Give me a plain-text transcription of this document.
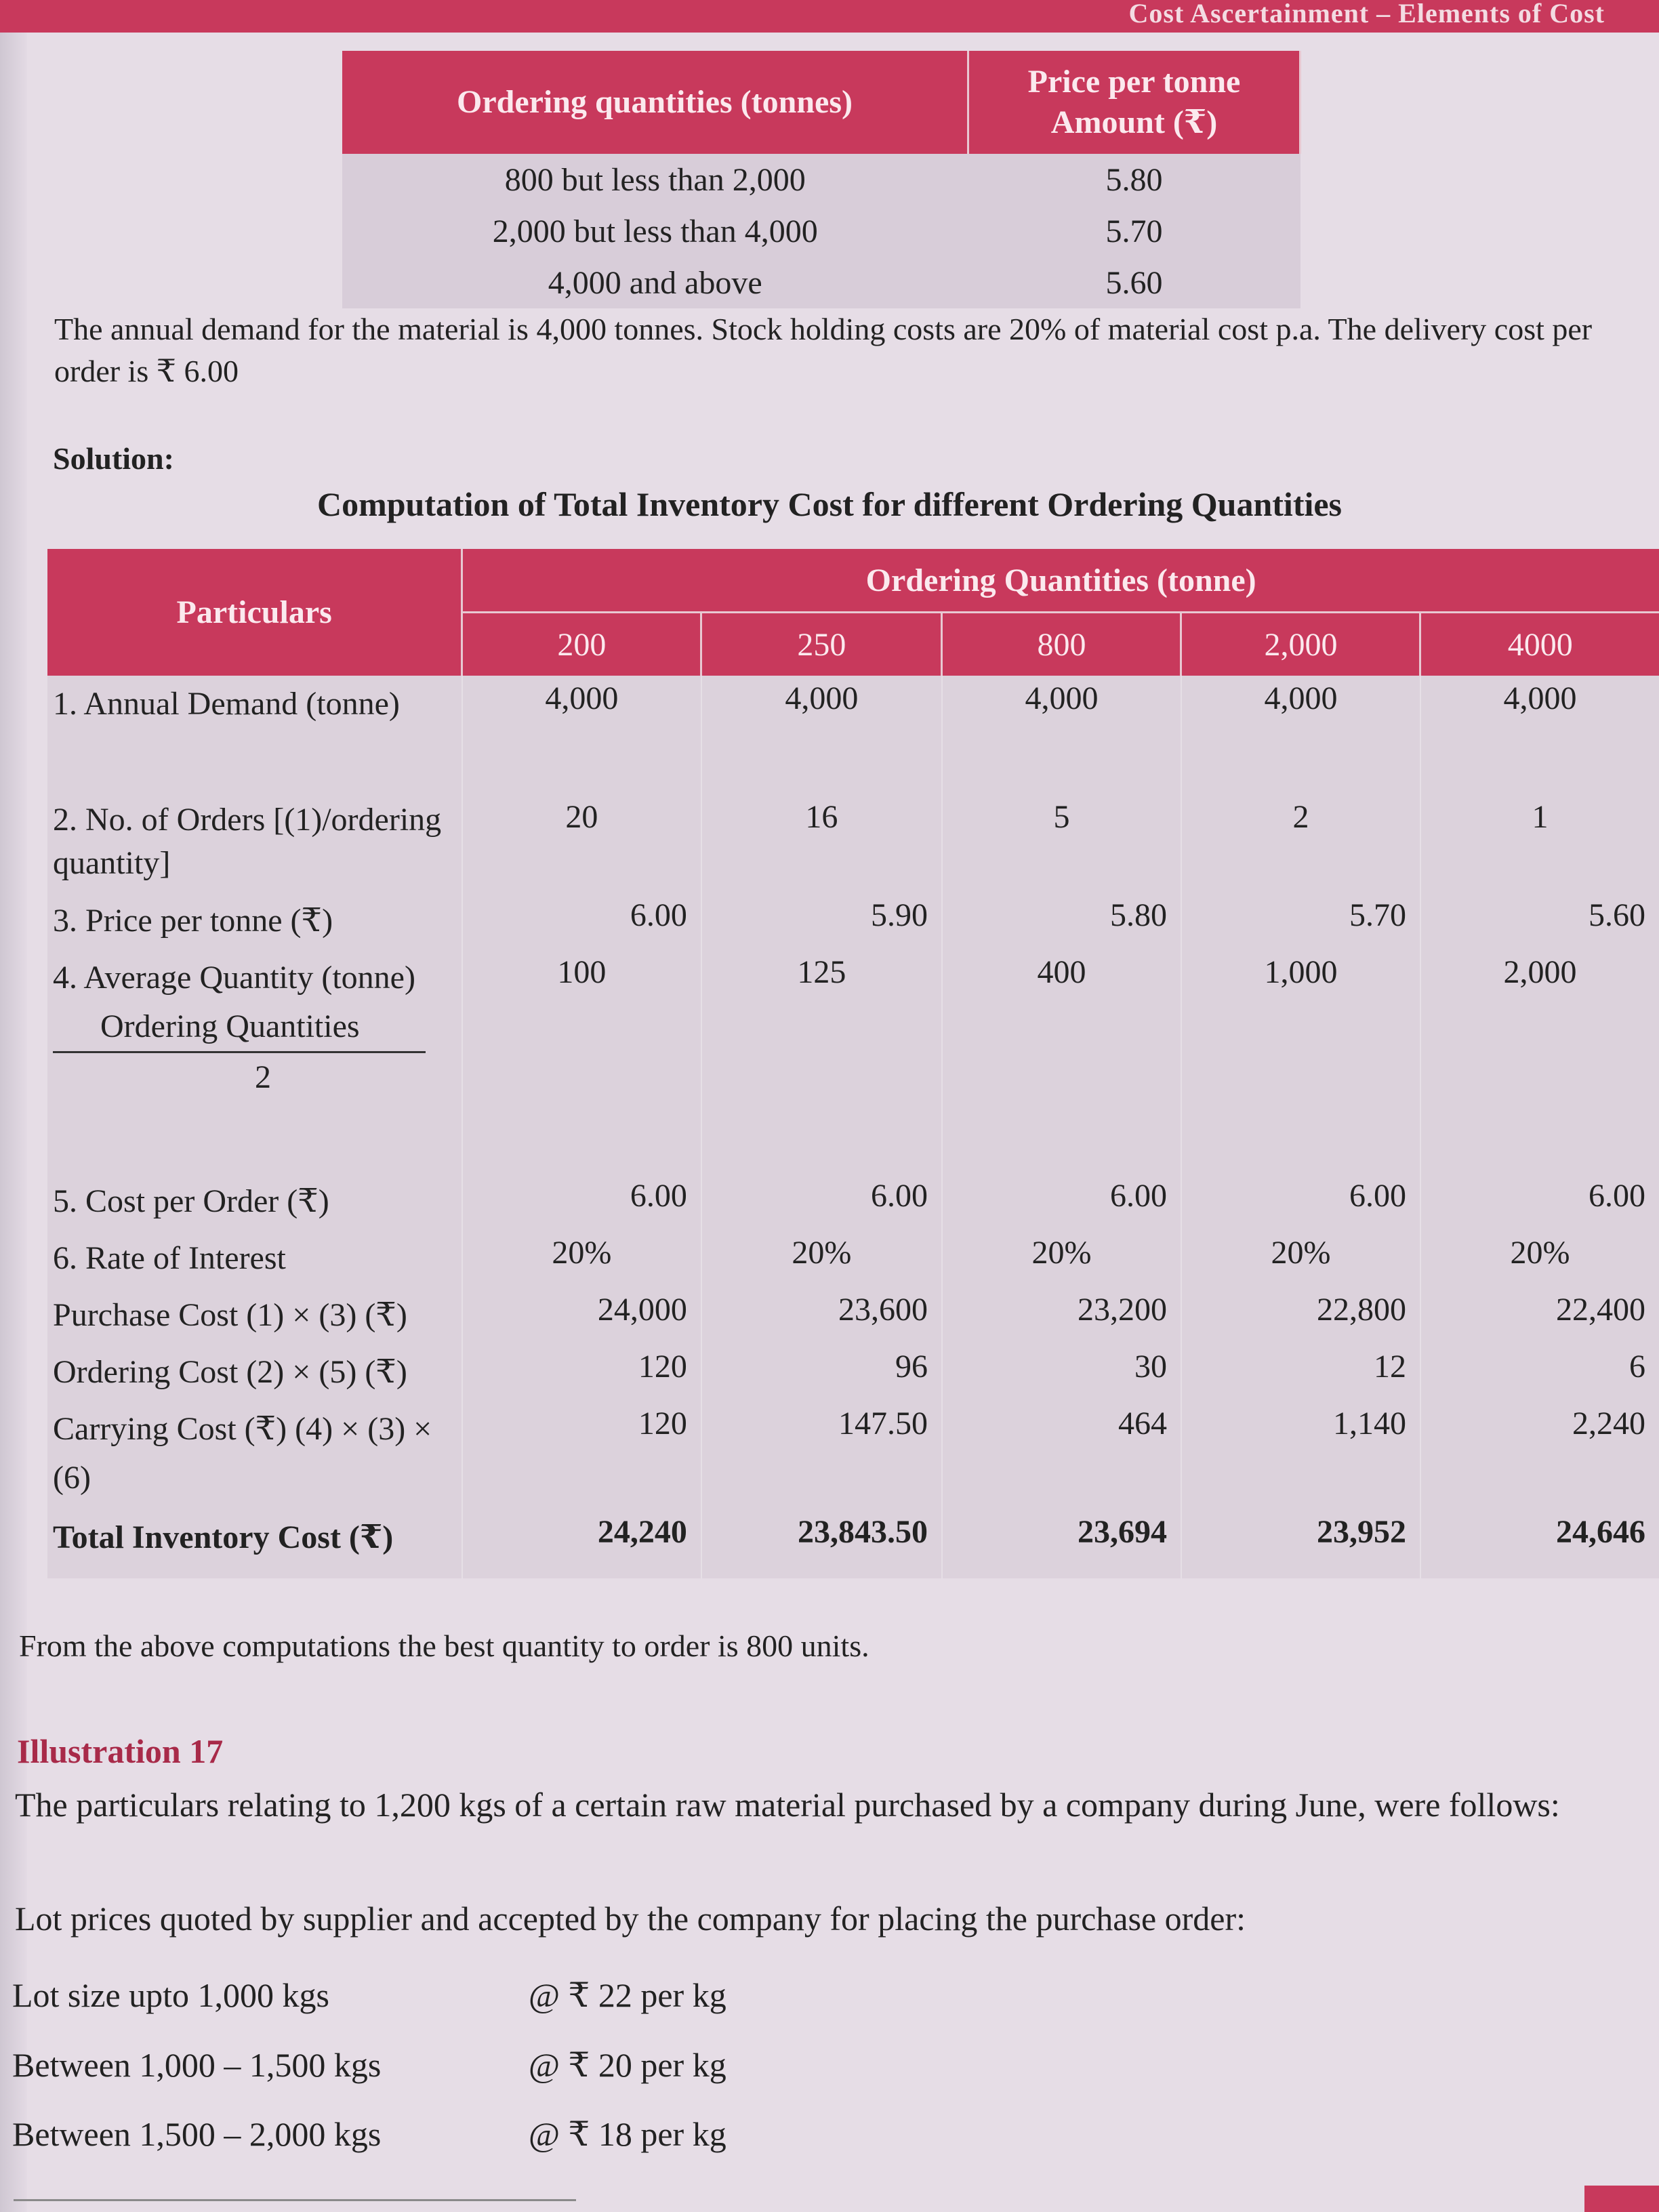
Cost Ascertainment – Elements of Cost
Ordering quantities (tonnes)	Price per tonne Amount (₹)
800 but less than 2,000	5.80
2,000 but less than 4,000	5.70
4,000 and above	5.60

The annual demand for the material is 4,000 tonnes. Stock holding costs are 20% of material cost p.a. The delivery cost per order is ₹ 6.00

Solution:
Computation of Total Inventory Cost for different Ordering Quantities
Particulars	Ordering Quantities (tonne)				
	200	250	800	2,000	4000
1. Annual Demand (tonne)	4,000	4,000	4,000	4,000	4,000
2. No. of Orders [(1)/ordering quantity]	20	16	5	2	1
3. Price per tonne (₹)	6.00	5.90	5.80	5.70	5.60
4. Average Quantity (tonne)
Ordering Quantities
2	100	125	400	1,000	2,000
5. Cost per Order (₹)	6.00	6.00	6.00	6.00	6.00
6. Rate of Interest	20%	20%	20%	20%	20%
Purchase Cost (1) × (3) (₹)	24,000	23,600	23,200	22,800	22,400
Ordering Cost (2) × (5) (₹)	120	96	30	12	6
Carrying Cost (₹) (4) × (3) × (6)	120	147.50	464	1,140	2,240
Total Inventory Cost (₹)	24,240	23,843.50	23,694	23,952	24,646

From the above computations the best quantity to order is 800 units.

Illustration 17

The particulars relating to 1,200 kgs of a certain raw material purchased by a company during June, were follows:

Lot prices quoted by supplier and accepted by the company for placing the purchase order:

Lot size upto 1,000 kgs	@ ₹ 22 per kg
Between 1,000 – 1,500 kgs	@ ₹ 20 per kg
Between 1,500 – 2,000 kgs	@ ₹ 18 per kg
